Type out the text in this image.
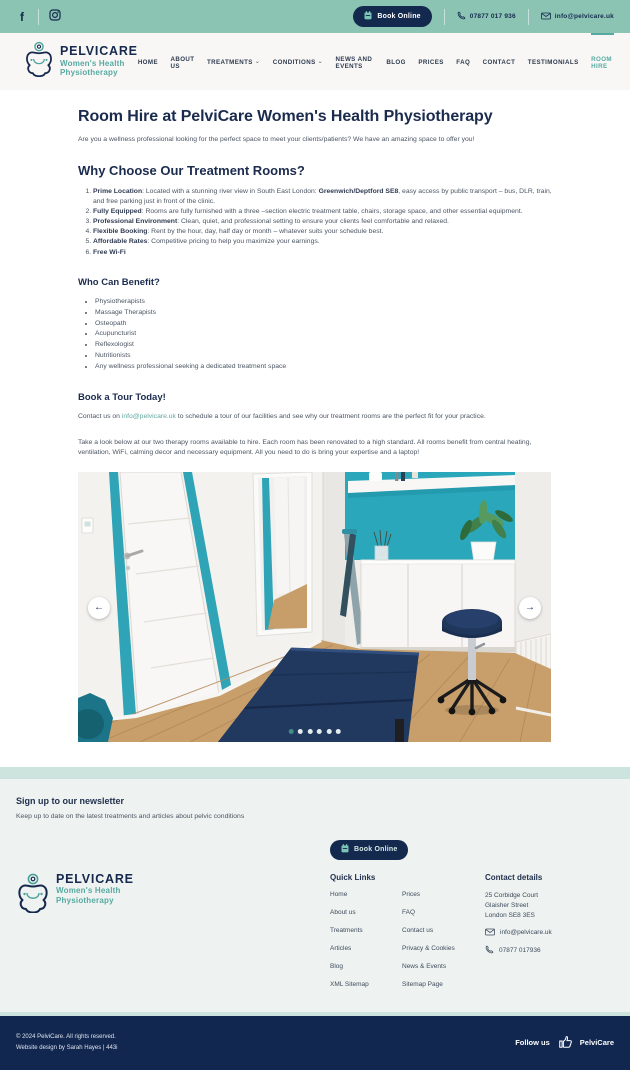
f	Book Online	07877 017 936	info@pelvicare.uk
PELVICARE
Women's Health
Physiotherapy
HOME ABOUT US	TREATMENTS ⌄ CONDITIONS ⌄ NEWS AND EVENTS	BLOG PRICES FAQ CONTACT TESTIMONIALS ROOM HIRE
Room Hire at PelviCare Women's Health Physiotherapy

Are you a wellness professional looking for the perfect space to meet your clients/patients? We have an amazing space to offer you!

Why Choose Our Treatment Rooms?
1. Prime Location: Located with a stunning river view in South East London: Greenwich/Deptford SE8, easy access by public transport – bus, DLR, train, and free parking just in front of the clinic.
2. Fully Equipped: Rooms are fully furnished with a three –section electric treatment table, chairs, storage space, and other essential equipment.
3. Professional Environment: Clean, quiet, and professional setting to ensure your clients feel comfortable and relaxed.
4. Flexible Booking: Rent by the hour, day, half day or month – whatever suits your schedule best.
5. Affordable Rates: Competitive pricing to help you maximize your earnings.
6. Free Wi-Fi
Who Can Benefit?
• Physiotherapists
• Massage Therapists
• Osteopath
• Acupuncturist
• Reflexologist
• Nutritionists
• Any wellness professional seeking a dedicated treatment space
Book a Tour Today!

Contact us on info@pelvicare.uk to schedule a tour of our facilities and see why our treatment rooms are the perfect fit for your practice.

Take a look below at our two therapy rooms available to hire. Each room has been renovated to a high standard. All rooms benefit from central heating, ventilation, WiFi, calming decor and necessary equipment. All you need to do is bring your expertise and a laptop!

←	→
Sign up to our newsletter

Keep up to date on the latest treatments and articles about pelvic conditions

Book Online
PELVICARE
Women's Health
Physiotherapy
Quick Links
Home
About us
Treatments
Articles
Blog
XML Sitemap
Prices
FAQ
Contact us
Privacy & Cookies
News & Events
Sitemap Page
Contact details
25 Corbidge Court
Glaisher Street
London SE8 3ES
info@pelvicare.uk
07877 017936
© 2024 PelviCare. All rights reserved.
Website design by Sarah Hayes | 443i
Follow us	PelviCare
